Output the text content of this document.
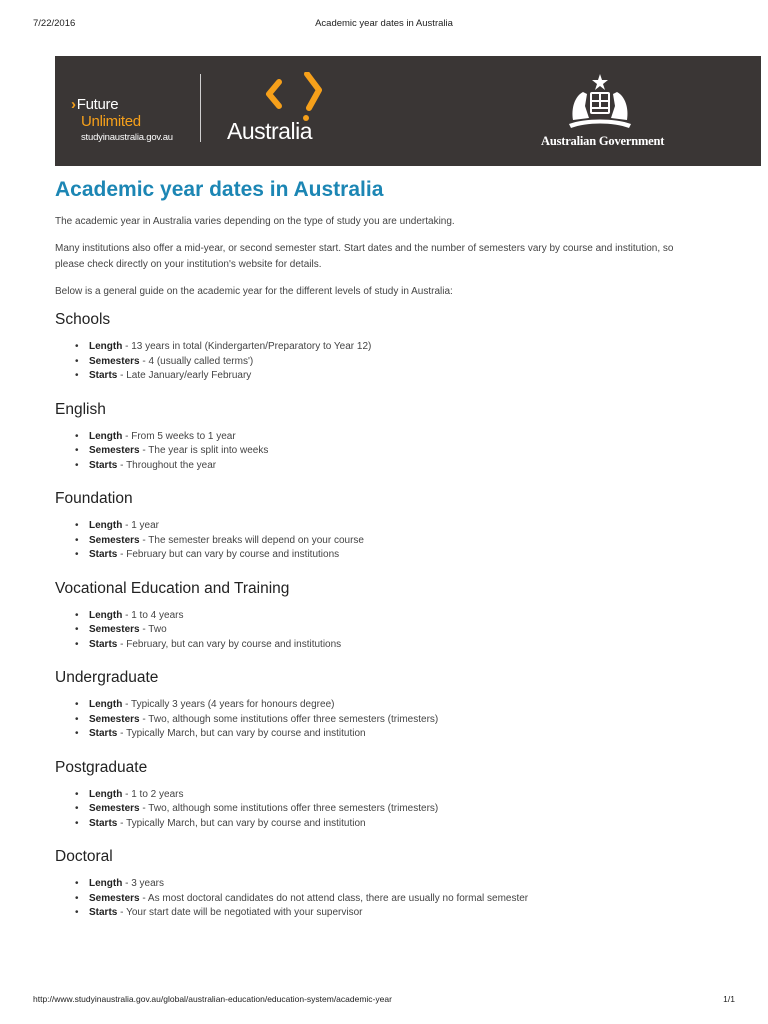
7/22/2016	Academic year dates in Australia
›Future
Unlimited
studyinaustralia.gov.au Australia	Australian Government
Academic year dates in Australia

The academic year in Australia varies depending on the type of study you are undertaking.

Many institutions also offer a mid-year, or second semester start. Start dates and the number of semesters vary by course and institution, so please check directly on your institution's website for details.

Below is a general guide on the academic year for the different levels of study in Australia:

Schools
• Length - 13 years in total (Kindergarten/Preparatory to Year 12)
• Semesters - 4 (usually called terms')
• Starts - Late January/early February
English
• Length - From 5 weeks to 1 year
• Semesters - The year is split into weeks
• Starts - Throughout the year
Foundation
• Length - 1 year
• Semesters - The semester breaks will depend on your course
• Starts - February but can vary by course and institutions
Vocational Education and Training
• Length - 1 to 4 years
• Semesters - Two
• Starts - February, but can vary by course and institutions
Undergraduate
• Length - Typically 3 years (4 years for honours degree)
• Semesters - Two, although some institutions offer three semesters (trimesters)
• Starts - Typically March, but can vary by course and institution
Postgraduate
• Length - 1 to 2 years
• Semesters - Two, although some institutions offer three semesters (trimesters)
• Starts - Typically March, but can vary by course and institution
Doctoral
• Length - 3 years
• Semesters - As most doctoral candidates do not attend class, there are usually no formal semester
• Starts - Your start date will be negotiated with your supervisor
http://www.studyinaustralia.gov.au/global/australian-education/education-system/academic-year	1/1
